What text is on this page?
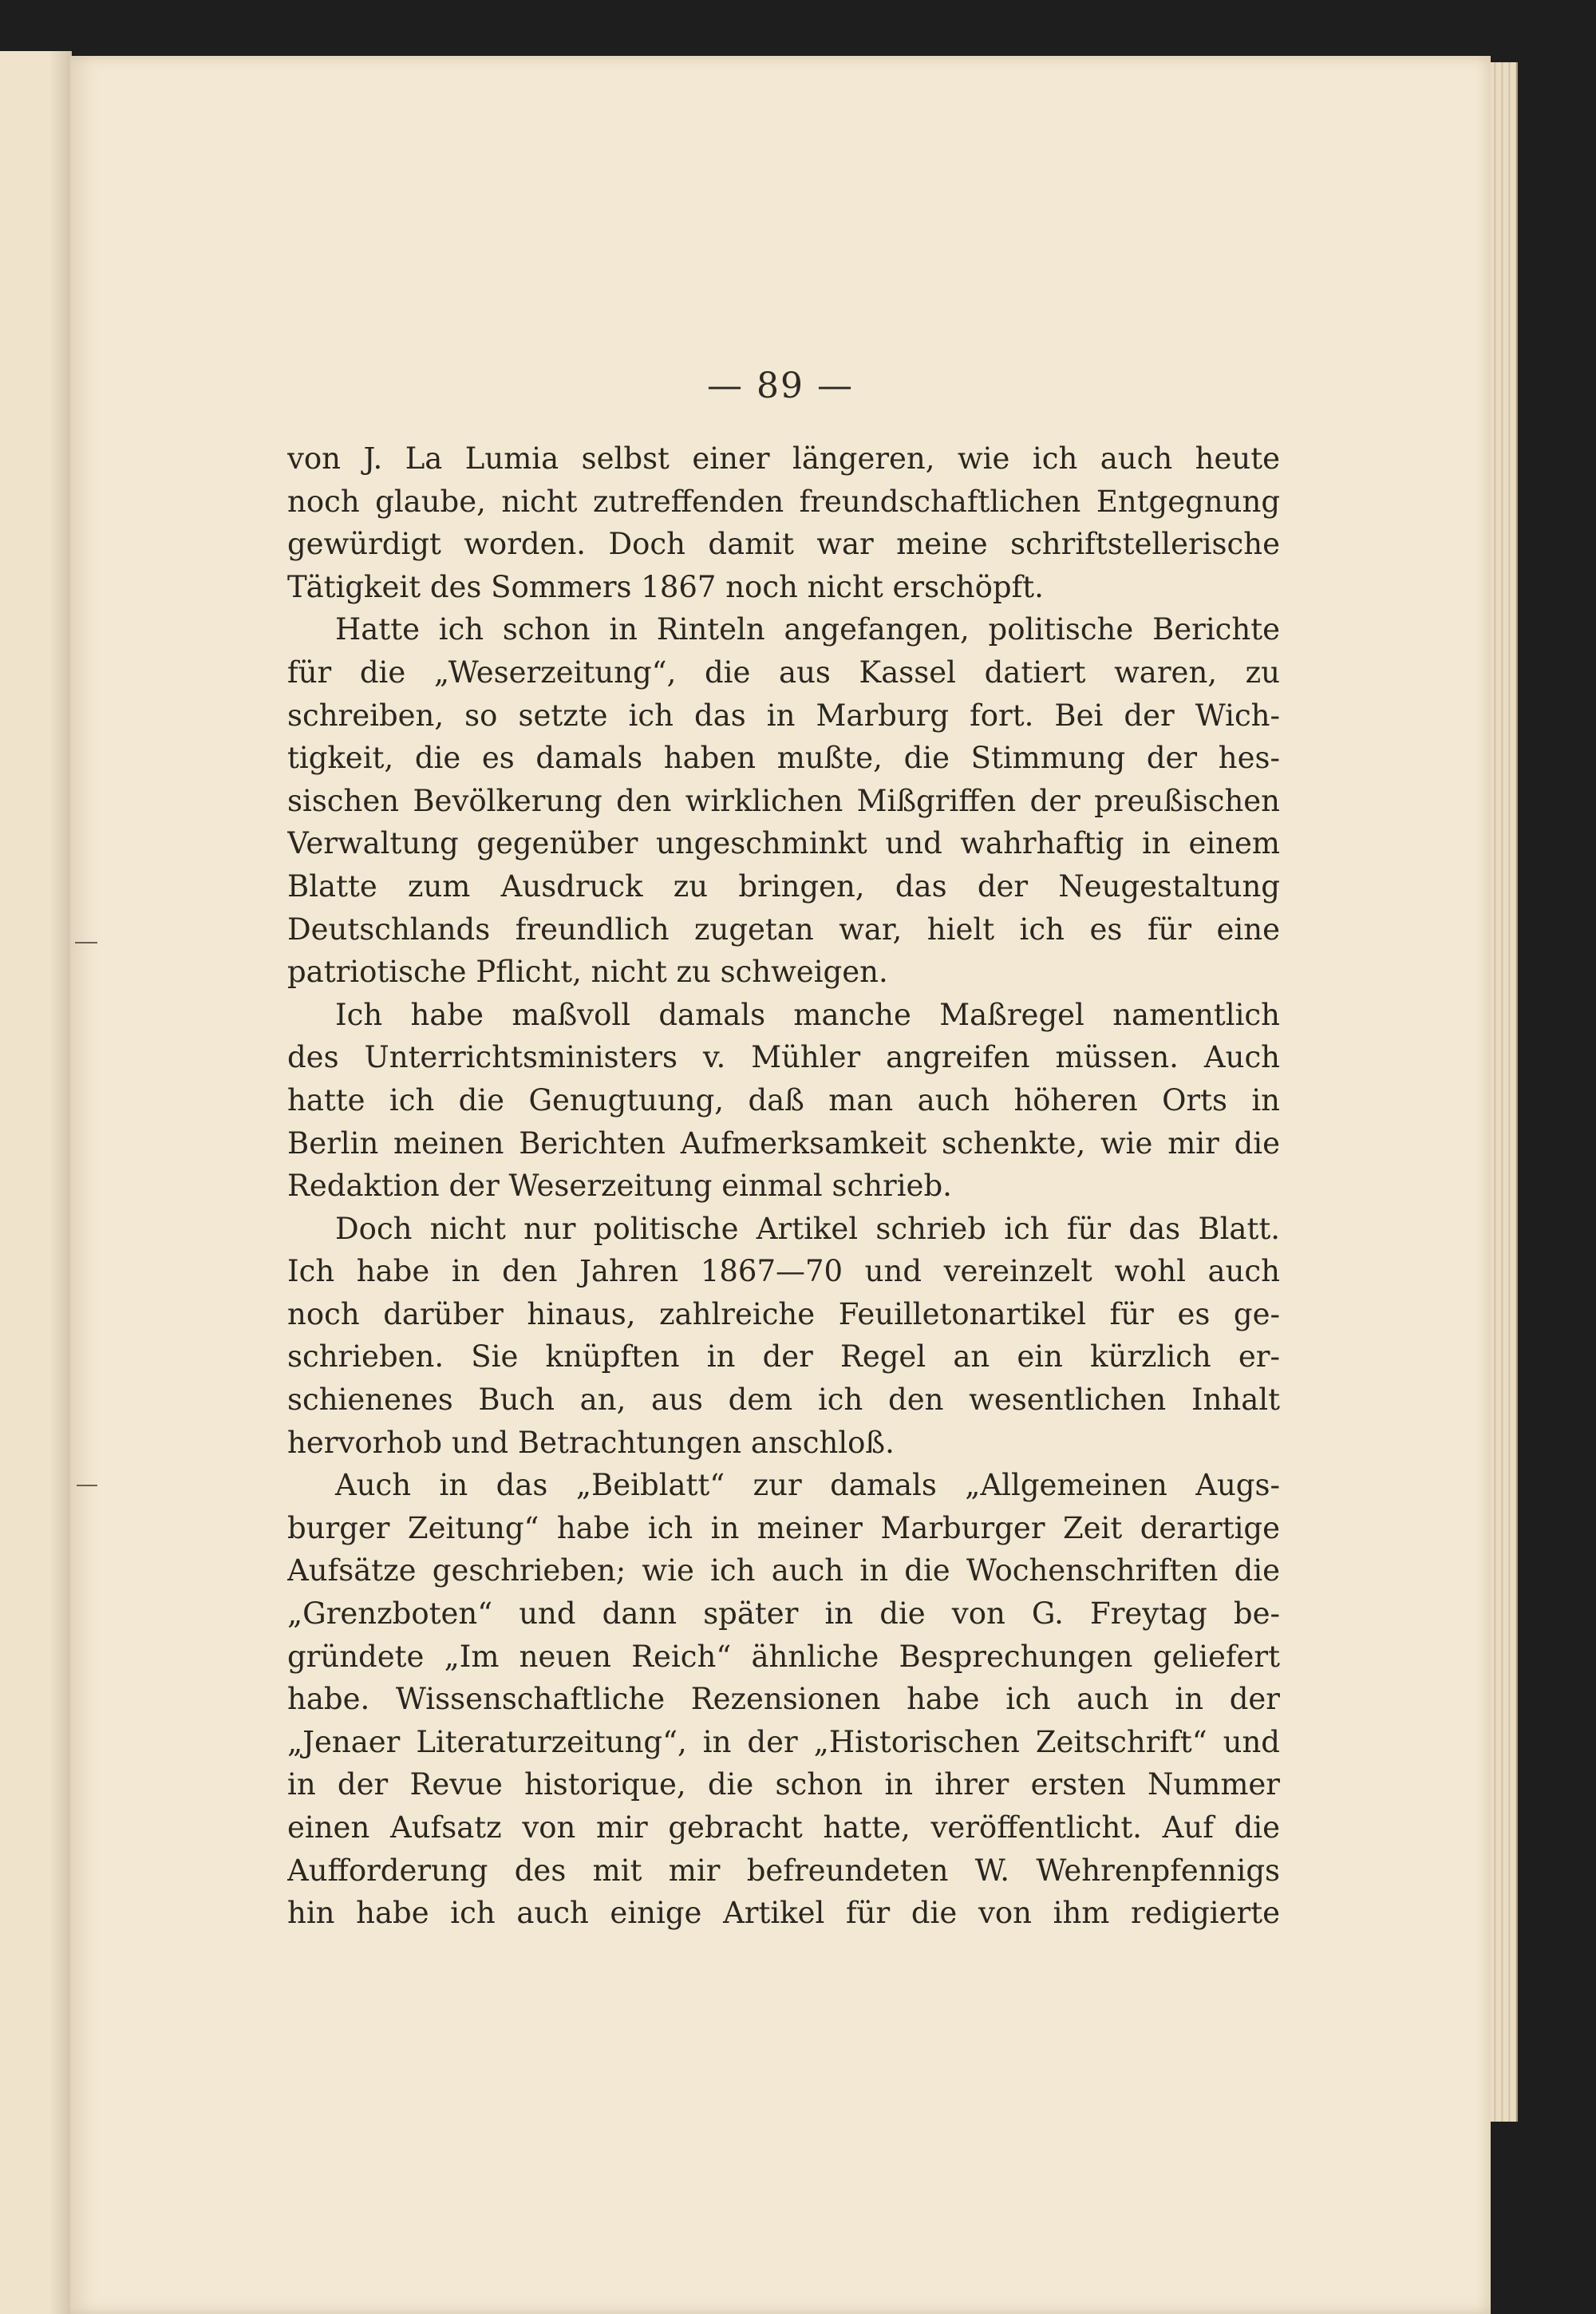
— 89 —
von J. La Lumia selbst einer längeren, wie ich auch heute
noch glaube, nicht zutreffenden freundschaftlichen Entgegnung
gewürdigt worden. Doch damit war meine schriftstellerische
Tätigkeit des Sommers 1867 noch nicht erschöpft.
Hatte ich schon in Rinteln angefangen, politische Berichte
für die „Weserzeitung“, die aus Kassel datiert waren, zu
schreiben, so setzte ich das in Marburg fort. Bei der Wich-
tigkeit, die es damals haben mußte, die Stimmung der hes-
sischen Bevölkerung den wirklichen Mißgriffen der preußischen
Verwaltung gegenüber ungeschminkt und wahrhaftig in einem
Blatte zum Ausdruck zu bringen, das der Neugestaltung
Deutschlands freundlich zugetan war, hielt ich es für eine
patriotische Pflicht, nicht zu schweigen.
Ich habe maßvoll damals manche Maßregel namentlich
des Unterrichtsministers v. Mühler angreifen müssen. Auch
hatte ich die Genugtuung, daß man auch höheren Orts in
Berlin meinen Berichten Aufmerksamkeit schenkte, wie mir die
Redaktion der Weserzeitung einmal schrieb.
Doch nicht nur politische Artikel schrieb ich für das Blatt.
Ich habe in den Jahren 1867—70 und vereinzelt wohl auch
noch darüber hinaus, zahlreiche Feuilletonartikel für es ge-
schrieben. Sie knüpften in der Regel an ein kürzlich er-
schienenes Buch an, aus dem ich den wesentlichen Inhalt
hervorhob und Betrachtungen anschloß.
Auch in das „Beiblatt“ zur damals „Allgemeinen Augs-
burger Zeitung“ habe ich in meiner Marburger Zeit derartige
Aufsätze geschrieben; wie ich auch in die Wochenschriften die
„Grenzboten“ und dann später in die von G. Freytag be-
gründete „Im neuen Reich“ ähnliche Besprechungen geliefert
habe. Wissenschaftliche Rezensionen habe ich auch in der
„Jenaer Literaturzeitung“, in der „Historischen Zeitschrift“ und
in der Revue historique, die schon in ihrer ersten Nummer
einen Aufsatz von mir gebracht hatte, veröffentlicht. Auf die
Aufforderung des mit mir befreundeten W. Wehrenpfennigs
hin habe ich auch einige Artikel für die von ihm redigierte
